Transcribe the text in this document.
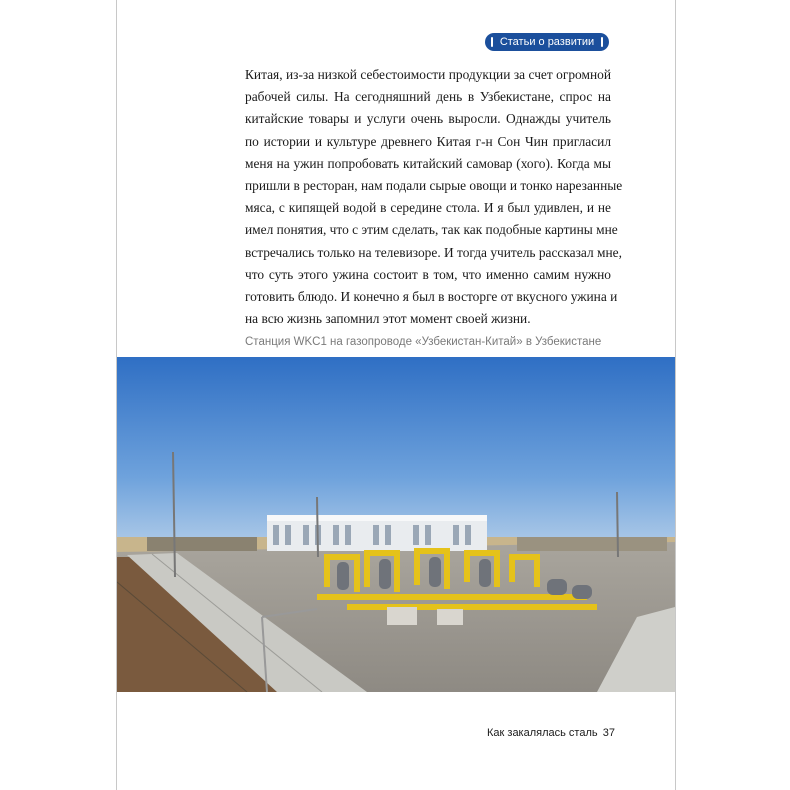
Статьи о развитии
Китая, из-за низкой себестоимости продукции за счет огромной
рабочей силы. На сегодняшний день в Узбекистане, спрос на
китайские товары и услуги очень выросли. Однажды учитель
по истории и культуре древнего Китая г-н Сон Чин пригласил
меня на ужин попробовать китайский самовар (хого). Когда мы
пришли в ресторан, нам подали сырые овощи и тонко нарезанные
мяса, с кипящей водой в середине стола. И я был удивлен, и не
имел понятия, что с этим сделать, так как подобные картины мне
встречались только на телевизоре. И тогда учитель рассказал мне,
что суть этого ужина состоит в том, что именно самим нужно
готовить блюдо. И конечно я был в восторге от вкусного ужина и
на всю жизнь запомнил этот момент своей жизни.
Станция WKC1 на газопроводе «Узбекистан-Китай» в Узбекистане
Как закалялась сталь 37
